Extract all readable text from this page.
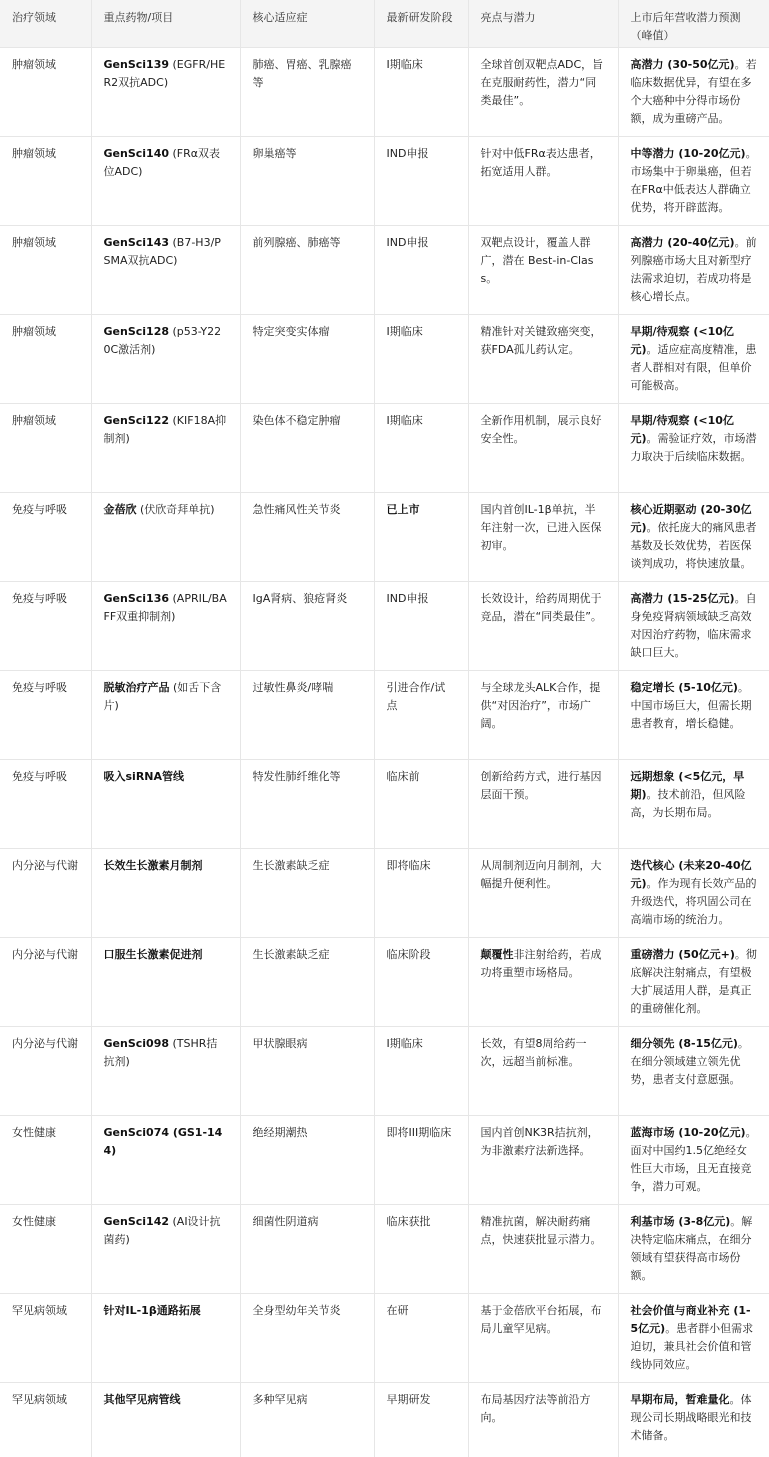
治疗领域	重点药物/项目	核心适应症	最新研发阶段	亮点与潜力	上市后年营收潜力预测（峰值）
肿瘤领域	GenSci139 (EGFR/HER2双抗ADC)	肺癌、胃癌、乳腺癌等	I期临床	全球首创双靶点ADC，旨在克服耐药性，潜力“同类最佳”。	高潜力 (30-50亿元)。若临床数据优异，有望在多个大癌种中分得市场份额，成为重磅产品。
肿瘤领域	GenSci140 (FRα双表位ADC)	卵巢癌等	IND申报	针对中低FRα表达患者，拓宽适用人群。	中等潜力 (10-20亿元)。市场集中于卵巢癌，但若在FRα中低表达人群确立优势，将开辟蓝海。
肿瘤领域	GenSci143 (B7-H3/PSMA双抗ADC)	前列腺癌、肺癌等	IND申报	双靶点设计，覆盖人群广，潜在 Best-in-Class。	高潜力 (20-40亿元)。前列腺癌市场大且对新型疗法需求迫切，若成功将是核心增长点。
肿瘤领域	GenSci128 (p53-Y220C激活剂)	特定突变实体瘤	I期临床	精准针对关键致癌突变，获FDA孤儿药认定。	早期/待观察 (<10亿元)。适应症高度精准，患者人群相对有限，但单价可能极高。
肿瘤领域	GenSci122 (KIF18A抑制剂)	染色体不稳定肿瘤	I期临床	全新作用机制，展示良好安全性。	早期/待观察 (<10亿元)。需验证疗效，市场潜力取决于后续临床数据。
免疫与呼吸	金蓓欣 (伏欣奇拜单抗)	急性痛风性关节炎	已上市	国内首创IL-1β单抗，半年注射一次，已进入医保初审。	核心近期驱动 (20-30亿元)。依托庞大的痛风患者基数及长效优势，若医保谈判成功，将快速放量。
免疫与呼吸	GenSci136 (APRIL/BAFF双重抑制剂)	IgA肾病、狼疮肾炎	IND申报	长效设计，给药周期优于竞品，潜在“同类最佳”。	高潜力 (15-25亿元)。自身免疫肾病领域缺乏高效对因治疗药物，临床需求缺口巨大。
免疫与呼吸	脱敏治疗产品 (如舌下含片)	过敏性鼻炎/哮喘	引进合作/试点	与全球龙头ALK合作，提供“对因治疗”，市场广阔。	稳定增长 (5-10亿元)。中国市场巨大，但需长期患者教育，增长稳健。
免疫与呼吸	吸入siRNA管线	特发性肺纤维化等	临床前	创新给药方式，进行基因层面干预。	远期想象 (<5亿元，早期)。技术前沿，但风险高，为长期布局。
内分泌与代谢	长效生长激素月制剂	生长激素缺乏症	即将临床	从周制剂迈向月制剂，大幅提升便利性。	迭代核心 (未来20-40亿元)。作为现有长效产品的升级迭代，将巩固公司在高端市场的统治力。
内分泌与代谢	口服生长激素促进剂	生长激素缺乏症	临床阶段	颠覆性非注射给药，若成功将重塑市场格局。	重磅潜力 (50亿元+)。彻底解决注射痛点，有望极大扩展适用人群，是真正的重磅催化剂。
内分泌与代谢	GenSci098 (TSHR拮抗剂)	甲状腺眼病	I期临床	长效，有望8周给药一次，远超当前标准。	细分领先 (8-15亿元)。在细分领域建立领先优势，患者支付意愿强。
女性健康	GenSci074 (GS1-144)	绝经期潮热	即将III期临床	国内首创NK3R拮抗剂，为非激素疗法新选择。	蓝海市场 (10-20亿元)。面对中国约1.5亿绝经女性巨大市场，且无直接竞争，潜力可观。
女性健康	GenSci142 (AI设计抗菌药)	细菌性阴道病	临床获批	精准抗菌，解决耐药痛点，快速获批显示潜力。	利基市场 (3-8亿元)。解决特定临床痛点，在细分领域有望获得高市场份额。
罕见病领域	针对IL-1β通路拓展	全身型幼年关节炎	在研	基于金蓓欣平台拓展，布局儿童罕见病。	社会价值与商业补充 (1-5亿元)。患者群小但需求迫切，兼具社会价值和管线协同效应。
罕见病领域	其他罕见病管线	多种罕见病	早期研发	布局基因疗法等前沿方向。	早期布局，暂难量化。体现公司长期战略眼光和技术储备。
